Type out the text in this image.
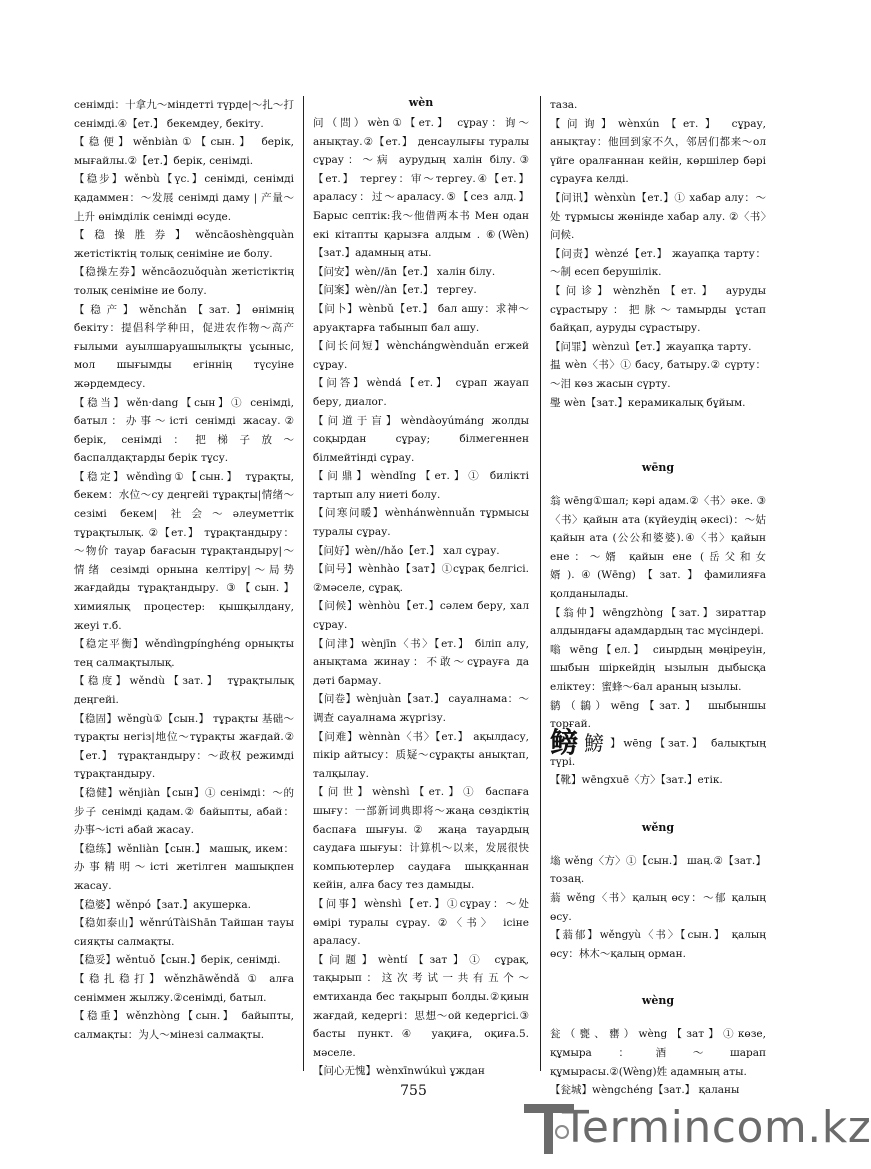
сенімді：十拿九～міндетті түрде|～扎～打 сенімді.④【ет.】 бекемдеу, бекіту.

【稳便】wěnbiàn①【сын.】 берік, мығайлы.②【ет.】берік, сенімді.

【稳步】wěnbù【үс.】сенімді, сенімді қадаммен：～发展 сенімді даму | 产量～上升 өнімділік сенімді өсуде.

【稳操胜券】wěncāoshèngquàn жетістіктің толық сеніміне ие болу.

【稳操左券】wěncāozuǒquàn жетістіктің толық сеніміне ие болу.

【稳产】wěnchǎn【зат.】өнімнің бекіту：提倡科学种田，促进农作物～高产 ғылыми ауылшаруашылықты ұсыныс, мол шығымды егіннің түсуіне жәрдемдесу.

【稳当】wěn·dang【сын】① сенімді, батыл：办事～істі сенімді жасау.② берік, сенімді：把梯子放～ баспалдақтарды берік тұсу.

【稳定】wěndìng①【сын.】 тұрақты, бекем：水位～су деңгейі тұрақты|情绪～сезімі бекем| 社会～әлеуметтік тұрақтылық. ②【ет.】 тұрақтандыру：～物价 тауар бағасын тұрақтандыру|～情绪 сезімді орнына келтіру|～局势 жағдайды тұрақтандыру. ③【сын.】 химиялық процестер: қышқылдану, жеуі т.б.

【稳定平衡】wěndìngpínghéng орнықты тең салмақтылық.

【稳度】wěndù【зат.】 тұрақтылық деңгейі.

【稳固】wěngù①【сын.】 тұрақты 基础～тұрақты негіз|地位～тұрақты жағдай.②【ет.】 тұрақтандыру：～政权 режимді тұрақтандыру.

【稳健】wěnjiàn【сын】① сенімді：～的步子 сенімді қадам.② байыпты, абай：办事～істі абай жасау.

【稳练】wěnliàn【сын.】 машық, икем：办事精明～істі жетілген машықпен жасау.

【稳婆】wěnpó【зат.】акушерка.

【稳如泰山】wěnrúTàiShān Тайшан тауы сияқты салмақты.

【稳妥】wěntuǒ【сын.】берік, сенімді.

【稳扎稳打】wěnzhāwěndǎ ① алға сеніммен жылжу.②сенімді, батыл.

【稳重】wěnzhòng【сын.】 байыпты, салмақты：为人～мінезі салмақты.

wèn

问（問）wèn①【ет.】 сұрау：询～анықтау.②【ет.】 денсаулығы туралы сұрау：～病 аурудың халін білу.③【ет.】 тергеу：审～тергеу.④【ет.】 араласу：过～араласу.⑤【сез алд.】 Барыс септік:我～他借两本书 Мен одан екі кітапты қарызға алдым . ⑥(Wèn)【зат.】адамның аты.

【问安】wèn//ān【ет.】 халін білу.

【问案】wèn//àn【ет.】 тергеу.

【问卜】wènbǔ【ет.】 бал ашу：求神～аруақтарға табынып бал ашу.

【问长问短】wènchángwènduǎn егжей сұрау.

【问答】wèndá【ет.】 сұрап жауап беру, диалог.

【问道于盲】wèndàoyúmáng жолды соқырдан сұрау; білмегеннен білмейтінді сұрау.

【问鼎】wèndǐng【ет.】① билікті тартып алу ниеті болу.

【问寒问暖】wènhánwènnuǎn тұрмысы туралы сұрау.

【问好】wèn//hǎo【ет.】 хал сұрау.

【问号】wènhào【зат】①сұрақ белгісі. ②мәселе, сұрақ.

【问候】wènhòu【ет.】сәлем беру, хал сұрау.

【问津】wènjīn〈书〉【ет.】 біліп алу, анықтама жинау：不敢～сұрауға да дәті бармау.

【问卷】wènjuàn【зат.】 сауалнама：～调查 сауалнама жүргізу.

【问难】wènnàn〈书〉【ет.】 ақылдасу, пікір айтысу：质疑～сұрақты анықтап, талқылау.

【问世】wènshì【ет.】① баспаға шығу：一部新词典即将～жаңа сөздіктің баспаға шығуы.② жаңа тауардың саудаға шығуы：计算机～以来，发展很快 компьютерлер саудаға шыққаннан кейін, алға басу тез дамыды.

【问事】wènshì【ет.】①сұрау：～处 өмірі туралы сұрау. ②〈书〉 ісіне араласу.

【问题】wèntí【зат】① сұрақ, тақырып：这次考试一共有五个～ емтиханда бес тақырып болды.②қиын жағдай, кедергі：思想～ой кедергісі.③ басты пункт.④ уақиға, оқиға.5. мәселе.

【问心无愧】wènxīnwúkuì ұждан

таза.

【问询】wènxún【ет.】 сұрау, анықтау：他回到家不久，邻居们都来～ол үйге оралғаннан кейін, көршілер бәрі сұрауға келді.

【问讯】wènxùn【ет.】① хабар алу：～处 тұрмысы жөнінде хабар алу. ②〈书〉问候.

【问责】wènzé【ет.】 жауапқа тарту：～制 есеп берушілік.

【问诊】wènzhěn【ет.】 ауруды сұрастыру：把脉～тамырды ұстап байқап, ауруды сұрастыру.

【问罪】wènzuì【ет.】жауапқа тарту.

揾 wèn〈书〉① басу, батыру.② сүрту：～泪 көз жасын сүрту.

璺 wèn【зат.】керамикалық бұйым.

wēng

翁 wēng①шал; кәрі адам.②〈书〉әке. ③〈书〉қайын ата (күйеудің әкесі)：～姑 қайын ата (公公和婆婆).④〈书〉қайын ене：～婿 қайын ене (岳父和女婿).④(Wēng)【зат.】фамилияға қолданылады.

【翁仲】wēngzhòng【зат.】зираттар алдындағы адамдардың тас мүсіндері.

嗡 wēng【ел.】 сиырдың мөңіреуін, шыбын шіркейдің ызылын дыбысқа еліктеу：蜜蜂～6ал араның ызылы.

鹟（鶲）wēng【зат.】 шыбыншы торғай.

鳑 鰟 】wēng【зат.】 балықтың түрі.

【靴】wēngxuē〈方〉【зат.】етік.

wěng

塕 wěng〈方〉①【сын.】 шаң.②【зат.】тозаң.

蓊 wěng〈书〉қалың өсу：～郁 қалың өсу.

【蓊郁】wěngyù〈书〉【сын.】 қалың өсу：林木～қалың орман.

wèng

瓮（甕、罋）wèng【зат】①көзе, құмыра：酒～шарап құмырасы.②(Wèng)姓 адамның аты.

【瓮城】wèngchéng【зат.】 қаланы

755
Termincom.kz
